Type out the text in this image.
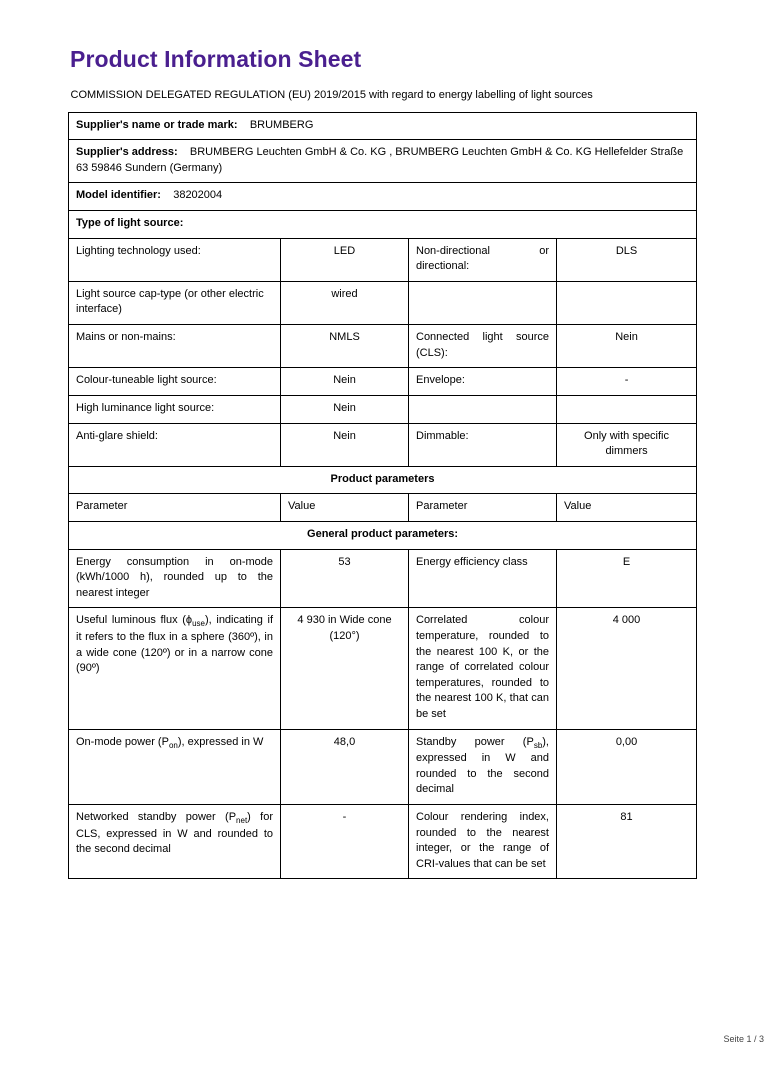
Product Information Sheet
COMMISSION DELEGATED REGULATION (EU) 2019/2015 with regard to energy labelling of light sources			
Supplier's name or trade mark: BRUMBERG			
Supplier's address: BRUMBERG Leuchten GmbH & Co. KG , BRUMBERG Leuchten GmbH & Co. KG Hellefelder Straße 63 59846 Sundern (Germany)			
Model identifier: 38202004			
Type of light source:			
Lighting technology used:	LED	Non-directional or directional:	DLS
Light source cap-type (or other electric interface)	wired		
Mains or non-mains:	NMLS	Connected light source (CLS):	Nein
Colour-tuneable light source:	Nein	Envelope:	-
High luminance light source:	Nein		
Anti-glare shield:	Nein	Dimmable:	Only with specific dimmers
Product parameters			
Parameter	Value	Parameter	Value
General product parameters:			
Energy consumption in on-mode (kWh/1000 h), rounded up to the nearest integer	53	Energy efficiency class	E
Useful luminous flux $(\phi_{use})$, indicating if it refers to the flux in a sphere (360º), in a wide cone (120º) or in a narrow cone (90º)	4 930 in Wide cone (120°)	Correlated colour temperature, rounded to the nearest 100 K, or the range of correlated colour temperatures, rounded to the nearest 100 K, that can be set	4 000
On-mode power $(P_{on})$, expressed in W	48,0	Standby power $(P_{sb})$, expressed in W and rounded to the second decimal	0,00
Networked standby power $(P_{net})$ for CLS, expressed in W and rounded to the second decimal	-	Colour rendering index, rounded to the nearest integer, or the range of CRI-values that can be set	81
Seite 1 / 3
